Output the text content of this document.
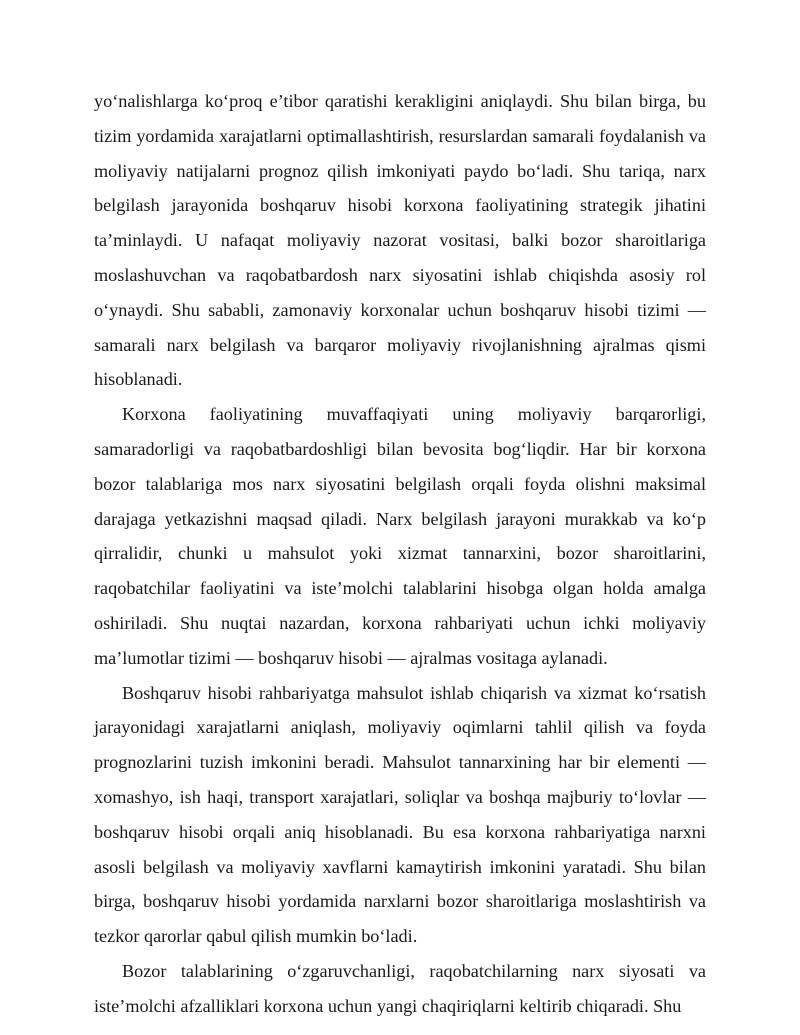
yo‘nalishlarga ko‘proq e’tibor qaratishi kerakligini aniqlaydi. Shu bilan birga, bu tizim yordamida xarajatlarni optimallashtirish, resurslardan samarali foydalanish va moliyaviy natijalarni prognoz qilish imkoniyati paydo bo‘ladi. Shu tariqa, narx belgilash jarayonida boshqaruv hisobi korxona faoliyatining strategik jihatini ta’minlaydi. U nafaqat moliyaviy nazorat vositasi, balki bozor sharoitlariga moslashuvchan va raqobatbardosh narx siyosatini ishlab chiqishda asosiy rol o‘ynaydi. Shu sababli, zamonaviy korxonalar uchun boshqaruv hisobi tizimi — samarali narx belgilash va barqaror moliyaviy rivojlanishning ajralmas qismi hisoblanadi.

Korxona faoliyatining muvaffaqiyati uning moliyaviy barqarorligi, samaradorligi va raqobatbardoshligi bilan bevosita bog‘liqdir. Har bir korxona bozor talablariga mos narx siyosatini belgilash orqali foyda olishni maksimal darajaga yetkazishni maqsad qiladi. Narx belgilash jarayoni murakkab va ko‘p qirralidir, chunki u mahsulot yoki xizmat tannarxini, bozor sharoitlarini, raqobatchilar faoliyatini va iste’molchi talablarini hisobga olgan holda amalga oshiriladi. Shu nuqtai nazardan, korxona rahbariyati uchun ichki moliyaviy ma’lumotlar tizimi — boshqaruv hisobi — ajralmas vositaga aylanadi.

Boshqaruv hisobi rahbariyatga mahsulot ishlab chiqarish va xizmat ko‘rsatish jarayonidagi xarajatlarni aniqlash, moliyaviy oqimlarni tahlil qilish va foyda prognozlarini tuzish imkonini beradi. Mahsulot tannarxining har bir elementi — xomashyo, ish haqi, transport xarajatlari, soliqlar va boshqa majburiy to‘lovlar — boshqaruv hisobi orqali aniq hisoblanadi. Bu esa korxona rahbariyatiga narxni asosli belgilash va moliyaviy xavflarni kamaytirish imkonini yaratadi. Shu bilan birga, boshqaruv hisobi yordamida narxlarni bozor sharoitlariga moslashtirish va tezkor qarorlar qabul qilish mumkin bo‘ladi.

Bozor talablarining o‘zgaruvchanligi, raqobatchilarning narx siyosati va iste’molchi afzalliklari korxona uchun yangi chaqiriqlarni keltirib chiqaradi. Shu
